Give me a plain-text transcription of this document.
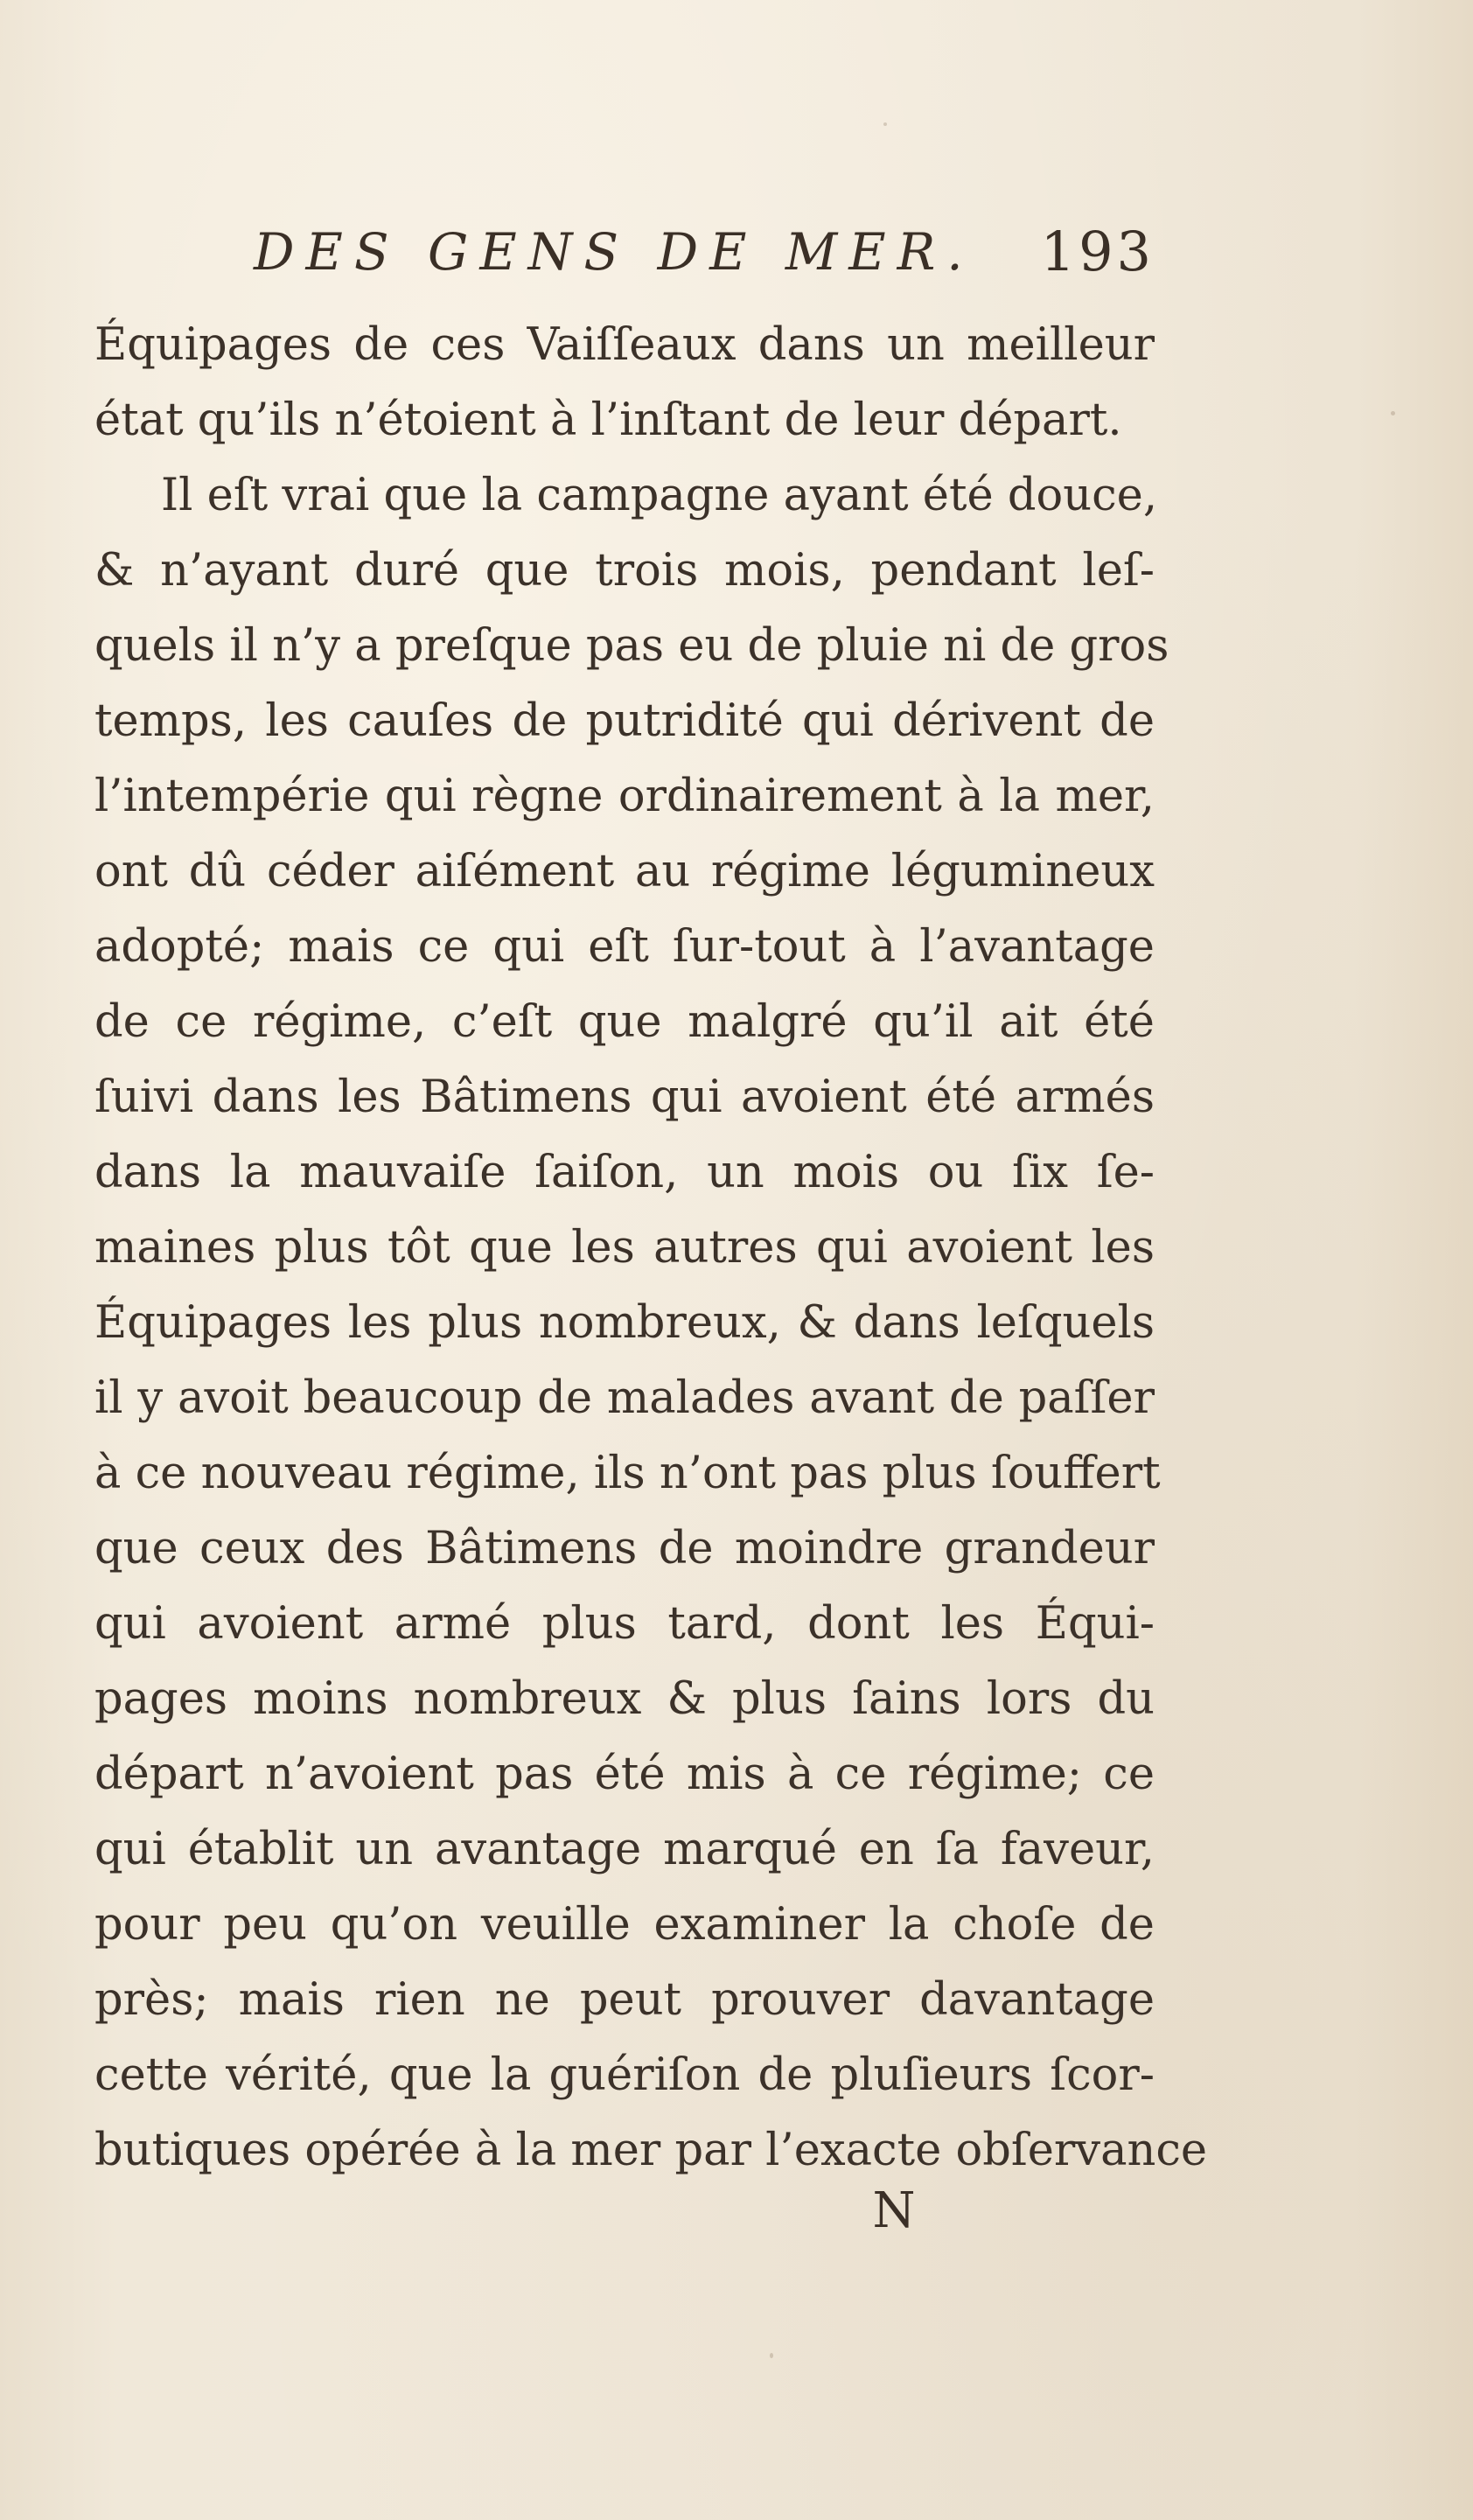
DES GENS DE MER. 193
Équipages de ces Vaiſſeaux dans un meilleur
état qu’ils n’étoient à l’inſtant de leur départ.
Il eſt vrai que la campagne ayant été douce,
& n’ayant duré que trois mois, pendant leſ-
quels il n’y a preſque pas eu de pluie ni de gros
temps, les cauſes de putridité qui dérivent de
l’intempérie qui règne ordinairement à la mer,
ont dû céder aiſément au régime légumineux
adopté; mais ce qui eſt ſur-tout à l’avantage
de ce régime, c’eſt que malgré qu’il ait été
ſuivi dans les Bâtimens qui avoient été armés
dans la mauvaiſe ſaiſon, un mois ou ſix ſe-
maines plus tôt que les autres qui avoient les
Équipages les plus nombreux, & dans leſquels
il y avoit beaucoup de malades avant de paſſer
à ce nouveau régime, ils n’ont pas plus ſouffert
que ceux des Bâtimens de moindre grandeur
qui avoient armé plus tard, dont les Équi-
pages moins nombreux & plus ſains lors du
départ n’avoient pas été mis à ce régime; ce
qui établit un avantage marqué en ſa faveur,
pour peu qu’on veuille examiner la choſe de
près; mais rien ne peut prouver davantage
cette vérité, que la guériſon de pluſieurs ſcor-
butiques opérée à la mer par l’exacte obſervance
N
